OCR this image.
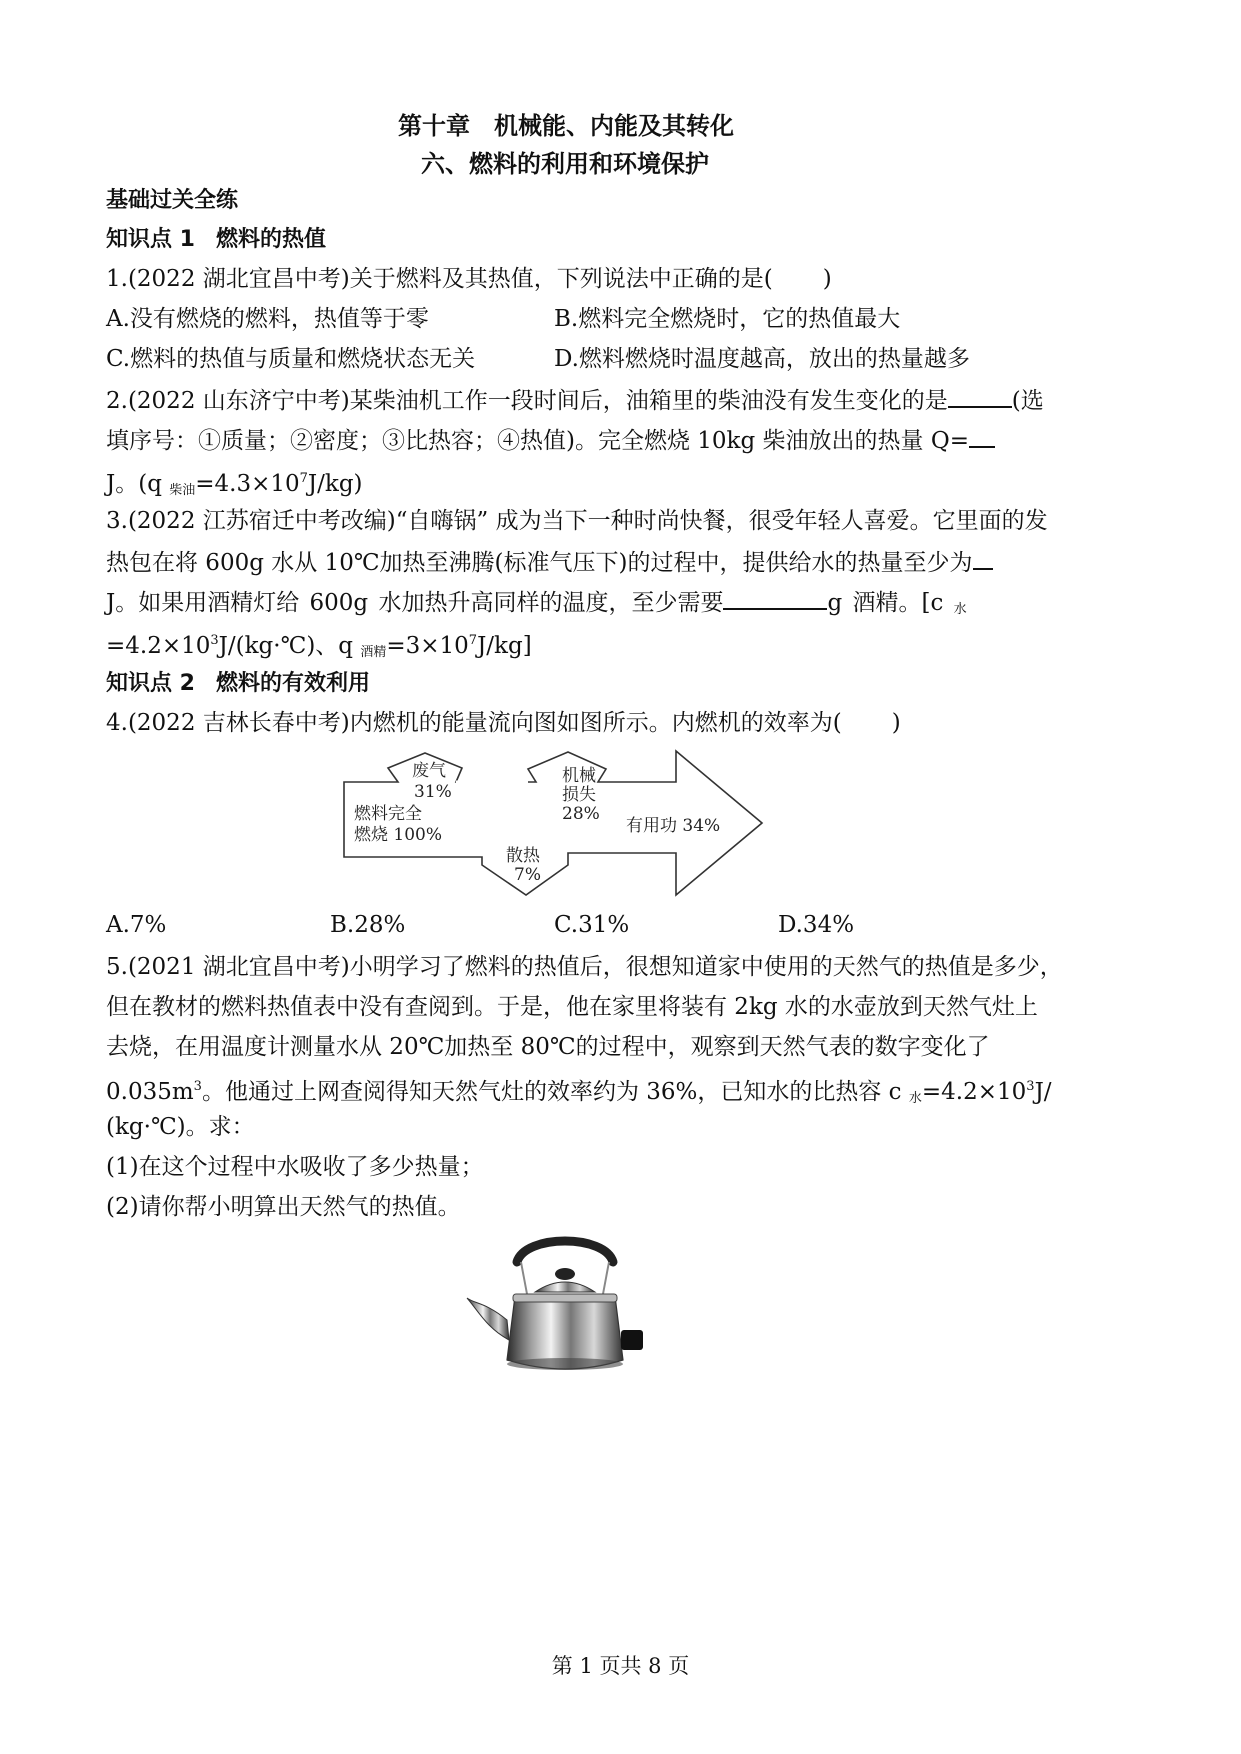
第十章　机械能、内能及其转化
六、燃料的利用和环境保护
基础过关全练
知识点 1 燃料的热值
1.(2022 湖北宜昌中考)关于燃料及其热值，下列说法中正确的是( )
A.没有燃烧的燃料，热值等于零	B.燃料完全燃烧时，它的热值最大
C.燃料的热值与质量和燃烧状态无关	D.燃料燃烧时温度越高，放出的热量越多
2.(2022 山东济宁中考)某柴油机工作一段时间后，油箱里的柴油没有发生变化的是	(选
填序号：①质量；②密度；③比热容；④热值)。完全燃烧 10kg 柴油放出的热量 Q=
J。(q $_{柴油}=4.3\times 10^7J/kg$)
3.(2022 江苏宿迁中考改编)“自嗨锅” 成为当下一种时尚快餐，很受年轻人喜爱。它里面的发
热包在将 600g 水从 10℃加热至沸腾(标准气压下)的过程中，提供给水的热量至少为
J。如果用酒精灯给 600g 水加热升高同样的温度，至少需要	g 酒精。[c $_水$
$=4.2\times 10^3J/(kg\cdot℃)$、q $_{酒精}=3\times 10^7J/kg$]
知识点 2 燃料的有效利用
4.(2022 吉林长春中考)内燃机的能量流向图如图所示。内燃机的效率为( )
燃料完全
燃烧 100%
废气
31%
机械
损失
28%
散热
7%
有用功 34%
A.7%	B.28%	C.31%	D.34%
5.(2021 湖北宜昌中考)小明学习了燃料的热值后，很想知道家中使用的天然气的热值是多少，
但在教材的燃料热值表中没有查阅到。于是，他在家里将装有 2kg 水的水壶放到天然气灶上
去烧，在用温度计测量水从 20℃加热至 80℃的过程中，观察到天然气表的数字变化了
$0.035m^3$。他通过上网查阅得知天然气灶的效率约为 36%，已知水的比热容 c $_水=4.2\times 10^3J/$
(kg·℃)。求：
(1)在这个过程中水吸收了多少热量；
(2)请你帮小明算出天然气的热值。
第 1 页共 8 页
